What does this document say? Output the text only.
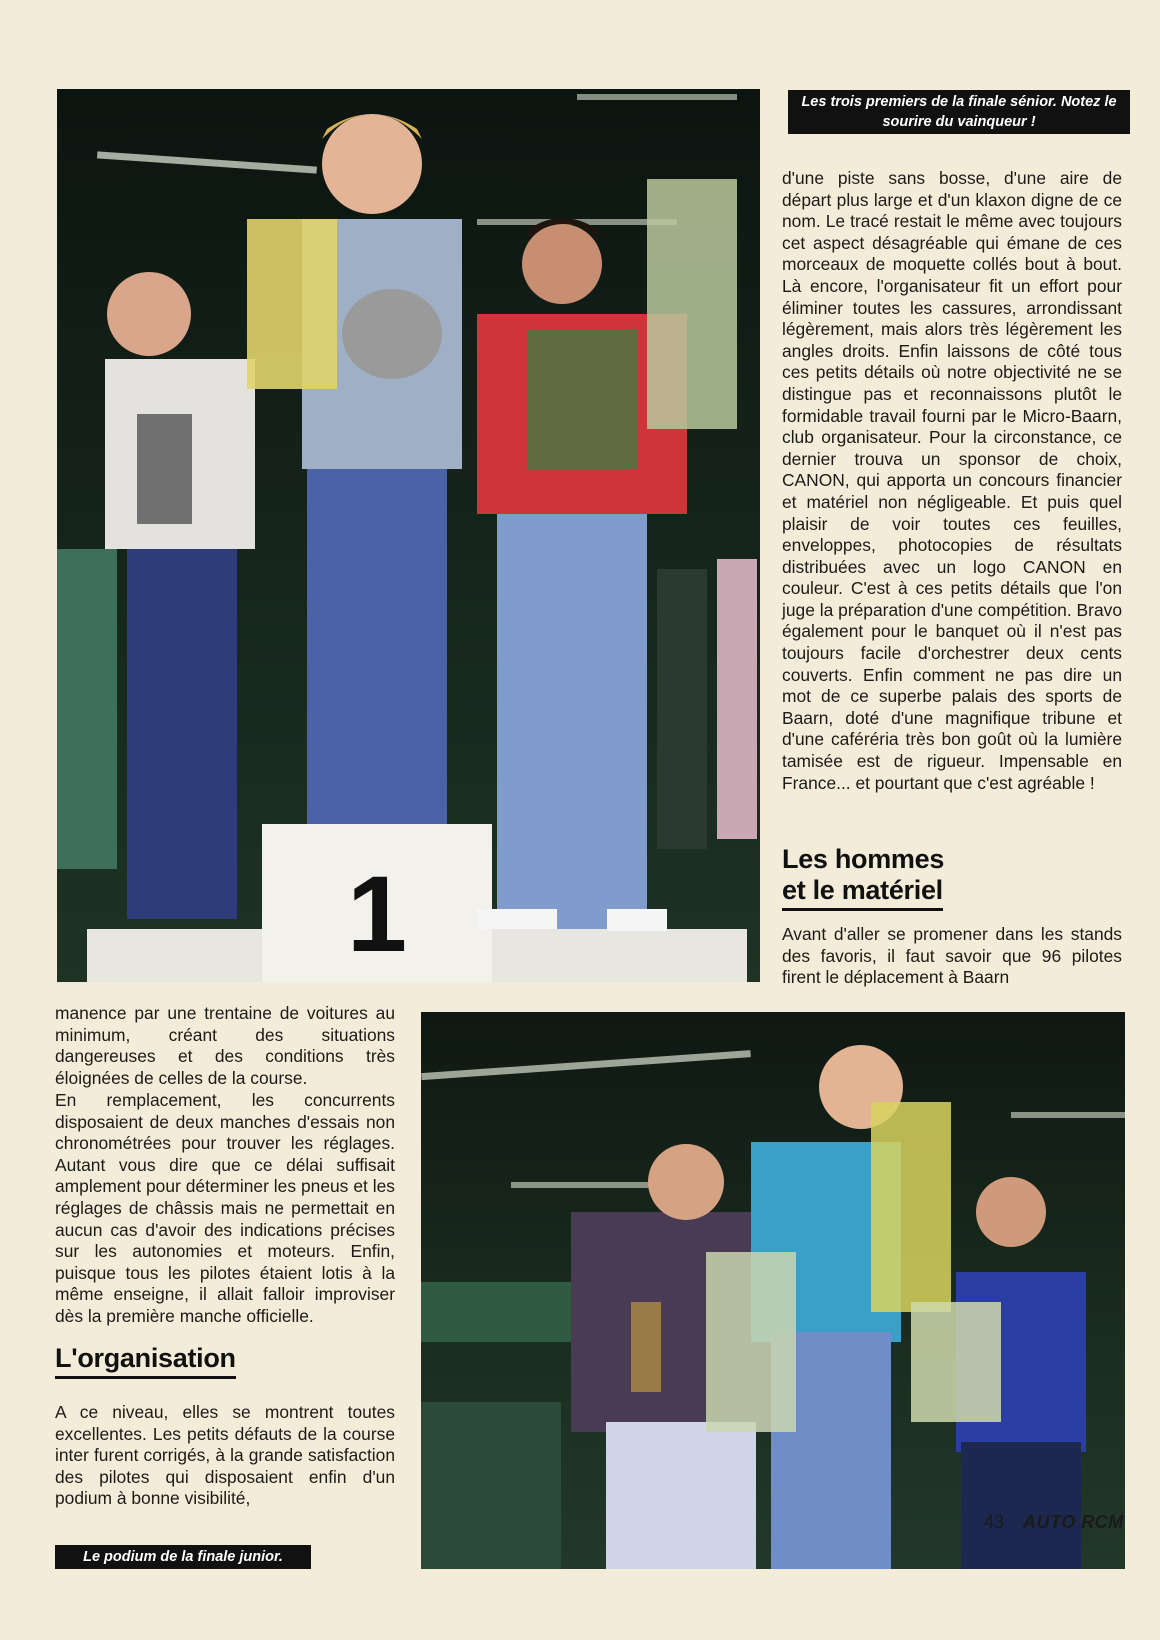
1
Les trois premiers de la finale sénior. Notez le sourire du vainqueur !

d'une piste sans bosse, d'une aire de départ plus large et d'un klaxon digne de ce nom. Le tracé restait le même avec toujours cet aspect désagréable qui émane de ces morceaux de moquette collés bout à bout. Là encore, l'organisateur fit un effort pour éliminer toutes les cassures, arrondissant légèrement, mais alors très légèrement les angles droits. Enfin laissons de côté tous ces petits détails où notre objectivité ne se distingue pas et reconnaissons plutôt le formidable travail fourni par le Micro-Baarn, club organisateur. Pour la circonstance, ce dernier trouva un sponsor de choix, CANON, qui apporta un concours financier et matériel non négligeable. Et puis quel plaisir de voir toutes ces feuilles, enveloppes, photocopies de résultats distribuées avec un logo CANON en couleur. C'est à ces petits détails que l'on juge la préparation d'une compétition. Bravo également pour le banquet où il n'est pas toujours facile d'orchestrer deux cents couverts. Enfin comment ne pas dire un mot de ce superbe palais des sports de Baarn, doté d'une magnifique tribune et d'une caféréria très bon goût où la lumière tamisée est de rigueur. Impensable en France... et pourtant que c'est agréable !

Les hommes
et le matériel

Avant d'aller se promener dans les stands des favoris, il faut savoir que 96 pilotes firent le déplacement à Baarn

manence par une trentaine de voitures au minimum, créant des situations dangereuses et des conditions très éloignées de celles de la course.

En remplacement, les concurrents disposaient de deux manches d'essais non chronométrées pour trouver les réglages. Autant vous dire que ce délai suffisait amplement pour déterminer les pneus et les réglages de châssis mais ne permettait en aucun cas d'avoir des indications précises sur les autonomies et moteurs. Enfin, puisque tous les pilotes étaient lotis à la même enseigne, il allait falloir improviser dès la première manche officielle.

L'organisation

A ce niveau, elles se montrent toutes excellentes. Les petits défauts de la course inter furent corrigés, à la grande satisfaction des pilotes qui disposaient enfin d'un podium à bonne visibilité,

Le podium de la finale junior.
43 AUTO RCM
